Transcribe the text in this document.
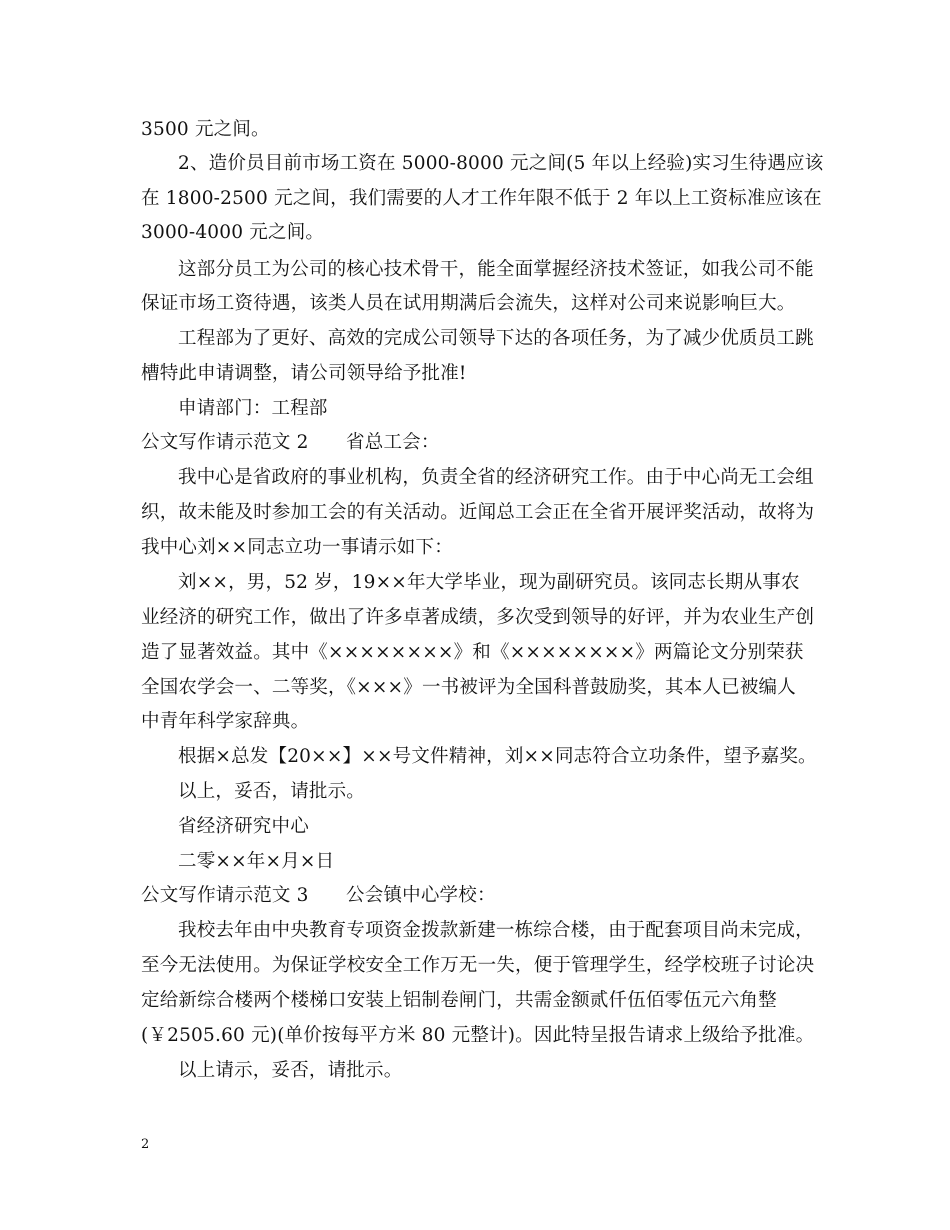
3500 元之间。
2、造价员目前市场工资在 5000-8000 元之间(5 年以上经验)实习生待遇应该
在 1800-2500 元之间，我们需要的人才工作年限不低于 2 年以上工资标准应该在
3000-4000 元之间。
这部分员工为公司的核心技术骨干，能全面掌握经济技术签证，如我公司不能
保证市场工资待遇，该类人员在试用期满后会流失，这样对公司来说影响巨大。
工程部为了更好、高效的完成公司领导下达的各项任务，为了减少优质员工跳
槽特此申请调整，请公司领导给予批准!
申请部门：工程部
公文写作请示范文 2　　省总工会：
我中心是省政府的事业机构，负责全省的经济研究工作。由于中心尚无工会组
织，故未能及时参加工会的有关活动。近闻总工会正在全省开展评奖活动，故将为
我中心刘××同志立功一事请示如下：
刘××，男，52 岁，19××年大学毕业，现为副研究员。该同志长期从事农
业经济的研究工作，做出了许多卓著成绩，多次受到领导的好评，并为农业生产创
造了显著效益。其中《××××××××》和《××××××××》两篇论文分别荣获
全国农学会一、二等奖，《×××》一书被评为全国科普鼓励奖，其本人已被编人
中青年科学家辞典。
根据×总发【20××】××号文件精神，刘××同志符合立功条件，望予嘉奖。
以上，妥否，请批示。
省经济研究中心
二零××年×月×日
公文写作请示范文 3　　公会镇中心学校：
我校去年由中央教育专项资金拨款新建一栋综合楼，由于配套项目尚未完成，
至今无法使用。为保证学校安全工作万无一失，便于管理学生，经学校班子讨论决
定给新综合楼两个楼梯口安装上铝制卷闸门，共需金额贰仟伍佰零伍元六角整
(￥2505.60 元)(单价按每平方米 80 元整计)。因此特呈报告请求上级给予批准。
以上请示，妥否，请批示。
2
